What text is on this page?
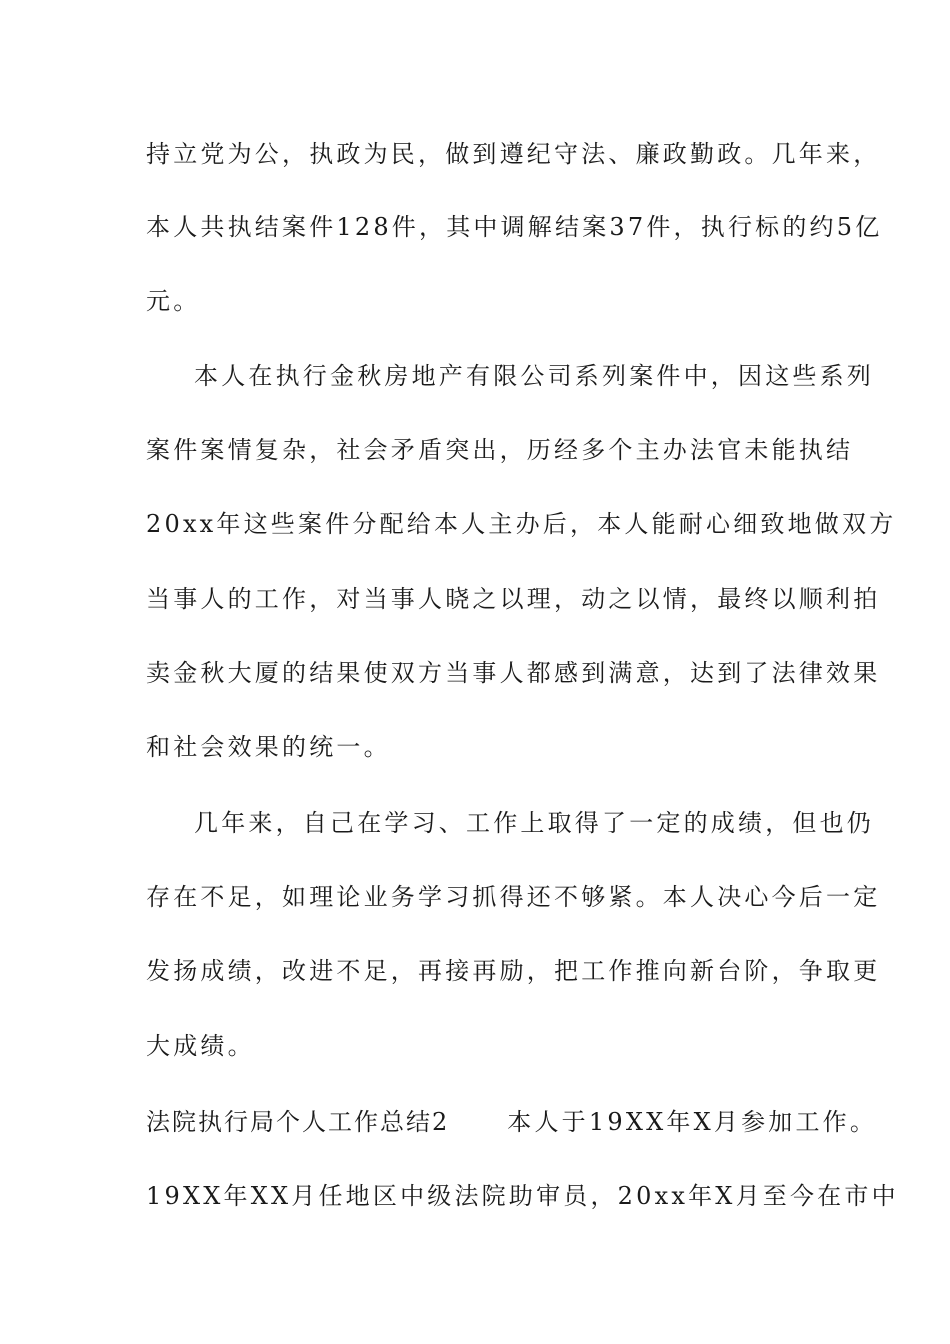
持立党为公，执政为民，做到遵纪守法、廉政勤政。几年来，
本人共执结案件128件，其中调解结案37件，执行标的约5亿
元。
本人在执行金秋房地产有限公司系列案件中，因这些系列
案件案情复杂，社会矛盾突出，历经多个主办法官未能执结
20xx年这些案件分配给本人主办后，本人能耐心细致地做双方
当事人的工作，对当事人晓之以理，动之以情，最终以顺利拍
卖金秋大厦的结果使双方当事人都感到满意，达到了法律效果
和社会效果的统一。
几年来，自己在学习、工作上取得了一定的成绩，但也仍
存在不足，如理论业务学习抓得还不够紧。本人决心今后一定
发扬成绩，改进不足，再接再励，把工作推向新台阶，争取更
大成绩。
法院执行局个人工作总结2 本人于19XX年X月参加工作。
19XX年XX月任地区中级法院助审员，20xx年X月至今在市中
